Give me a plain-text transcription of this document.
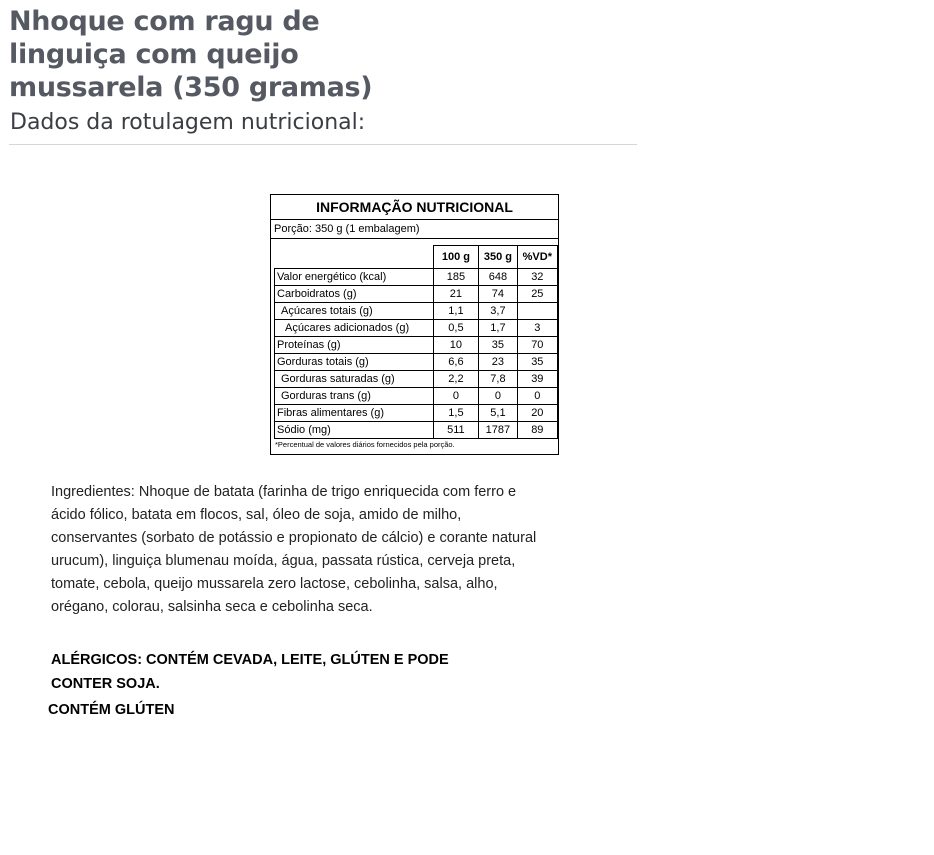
Nhoque com ragu de linguiça com queijo mussarela (350 gramas)
Dados da rotulagem nutricional:
INFORMAÇÃO NUTRICIONAL
Porção: 350 g (1 embalagem)
	100 g	350 g	%VD*
Valor energético (kcal)	185	648	32
Carboidratos (g)	21	74	25
Açúcares totais (g)	1,1	3,7	
Açúcares adicionados (g)	0,5	1,7	3
Proteínas (g)	10	35	70
Gorduras totais (g)	6,6	23	35
Gorduras saturadas (g)	2,2	7,8	39
Gorduras trans (g)	0	0	0
Fibras alimentares (g)	1,5	5,1	20
Sódio (mg)	511	1787	89
*Percentual de valores diários fornecidos pela porção.

Ingredientes: Nhoque de batata (farinha de trigo enriquecida com ferro e ácido fólico, batata em flocos, sal, óleo de soja, amido de milho, conservantes (sorbato de potássio e propionato de cálcio) e corante natural urucum), linguiça blumenau moída, água, passata rústica, cerveja preta, tomate, cebola, queijo mussarela zero lactose, cebolinha, salsa, alho, orégano, colorau, salsinha seca e cebolinha seca.

ALÉRGICOS: CONTÉM CEVADA, LEITE, GLÚTEN E PODE CONTER SOJA.

CONTÉM GLÚTEN
